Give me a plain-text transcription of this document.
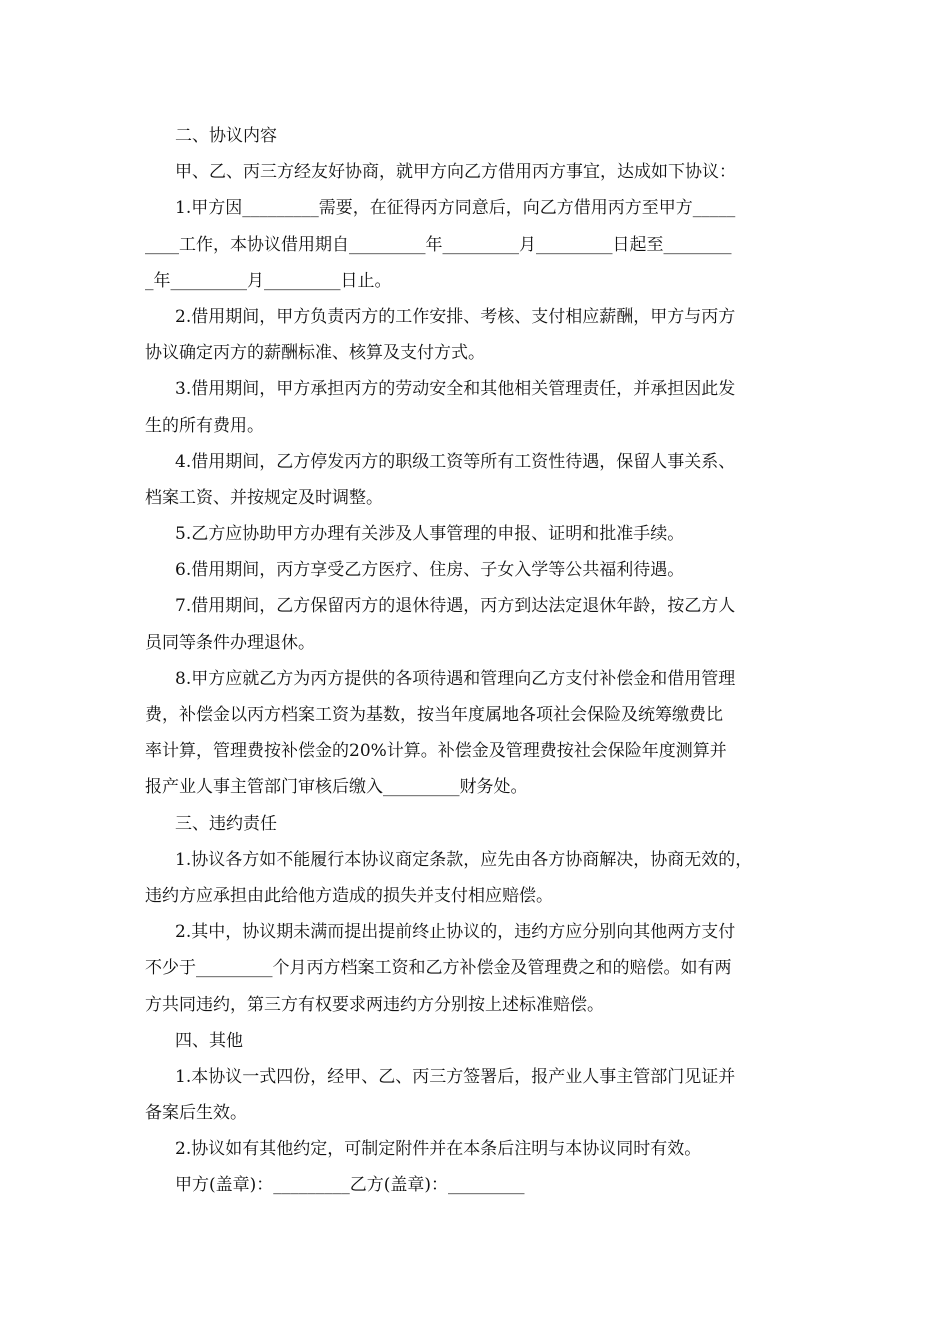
二、协议内容
甲、乙、丙三方经友好协商，就甲方向乙方借用丙方事宜，达成如下协议：
1.甲方因_________需要，在征得丙方同意后，向乙方借用丙方至甲方_____
____工作，本协议借用期自_________年_________月_________日起至________
_年_________月_________日止。
2.借用期间，甲方负责丙方的工作安排、考核、支付相应薪酬，甲方与丙方
协议确定丙方的薪酬标准、核算及支付方式。
3.借用期间，甲方承担丙方的劳动安全和其他相关管理责任，并承担因此发
生的所有费用。
4.借用期间，乙方停发丙方的职级工资等所有工资性待遇，保留人事关系、
档案工资、并按规定及时调整。
5.乙方应协助甲方办理有关涉及人事管理的申报、证明和批准手续。
6.借用期间，丙方享受乙方医疗、住房、子女入学等公共福利待遇。
7.借用期间，乙方保留丙方的退休待遇，丙方到达法定退休年龄，按乙方人
员同等条件办理退休。
8.甲方应就乙方为丙方提供的各项待遇和管理向乙方支付补偿金和借用管理
费，补偿金以丙方档案工资为基数，按当年度属地各项社会保险及统筹缴费比
率计算，管理费按补偿金的20%计算。补偿金及管理费按社会保险年度测算并
报产业人事主管部门审核后缴入_________财务处。
三、违约责任
1.协议各方如不能履行本协议商定条款，应先由各方协商解决，协商无效的，
违约方应承担由此给他方造成的损失并支付相应赔偿。
2.其中，协议期未满而提出提前终止协议的，违约方应分别向其他两方支付
不少于_________个月丙方档案工资和乙方补偿金及管理费之和的赔偿。如有两
方共同违约，第三方有权要求两违约方分别按上述标准赔偿。
四、其他
1.本协议一式四份，经甲、乙、丙三方签署后，报产业人事主管部门见证并
备案后生效。
2.协议如有其他约定，可制定附件并在本条后注明与本协议同时有效。
甲方(盖章)：_________乙方(盖章)：_________
